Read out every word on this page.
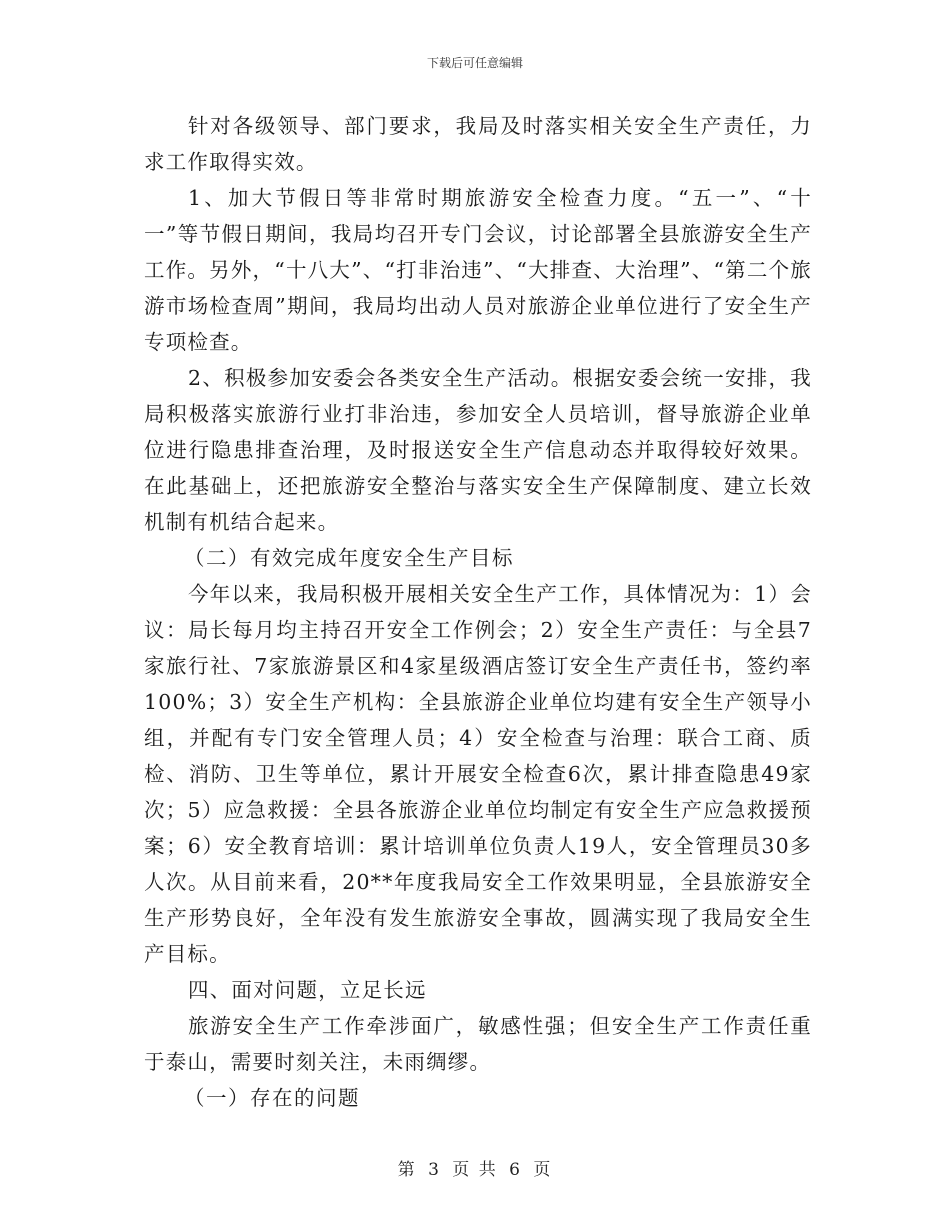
下载后可任意编辑

针对各级领导、部门要求，我局及时落实相关安全生产责任，力求工作取得实效。

1、加大节假日等非常时期旅游安全检查力度。“五一”、“十一”等节假日期间，我局均召开专门会议，讨论部署全县旅游安全生产工作。另外，“十八大”、“打非治违”、“大排查、大治理”、“第二个旅游市场检查周”期间，我局均出动人员对旅游企业单位进行了安全生产专项检查。

2、积极参加安委会各类安全生产活动。根据安委会统一安排，我局积极落实旅游行业打非治违，参加安全人员培训，督导旅游企业单位进行隐患排查治理，及时报送安全生产信息动态并取得较好效果。在此基础上，还把旅游安全整治与落实安全生产保障制度、建立长效机制有机结合起来。

（二）有效完成年度安全生产目标

今年以来，我局积极开展相关安全生产工作，具体情况为：1）会议：局长每月均主持召开安全工作例会；2）安全生产责任：与全县7家旅行社、7家旅游景区和4家星级酒店签订安全生产责任书，签约率100%；3）安全生产机构：全县旅游企业单位均建有安全生产领导小组，并配有专门安全管理人员；4）安全检查与治理：联合工商、质检、消防、卫生等单位，累计开展安全检查6次，累计排查隐患49家次；5）应急救援：全县各旅游企业单位均制定有安全生产应急救援预案；6）安全教育培训：累计培训单位负责人19人，安全管理员30多人次。从目前来看，20**年度我局安全工作效果明显，全县旅游安全生产形势良好，全年没有发生旅游安全事故，圆满实现了我局安全生产目标。

四、面对问题，立足长远

旅游安全生产工作牵涉面广，敏感性强；但安全生产工作责任重于泰山，需要时刻关注，未雨绸缪。

（一）存在的问题

第 3 页 共 6 页
